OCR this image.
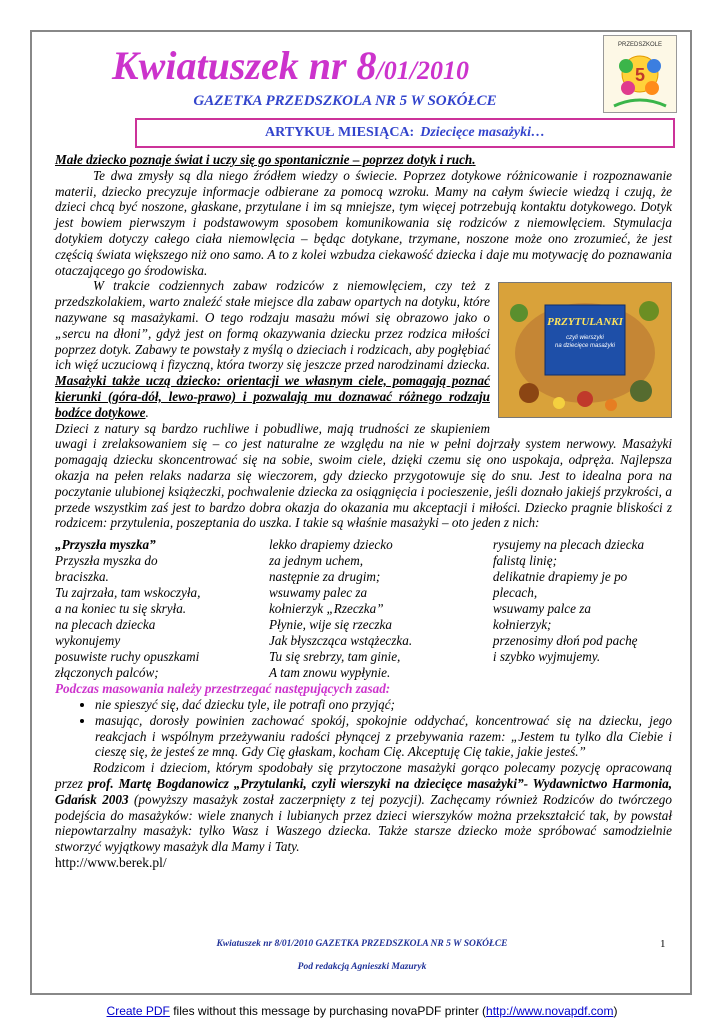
Kwiatuszek nr 8/01/2010
GAZETKA PRZEDSZKOLA NR 5 W SOKÓŁCE
PRZEDSZKOLE
5
ARTYKUŁ MIESIĄCA: Dziecięce masażyki…

Małe dziecko poznaje świat i uczy się go spontanicznie – poprzez dotyk i ruch.

Te dwa zmysły są dla niego źródłem wiedzy o świecie. Poprzez dotykowe różnicowanie i rozpoznawanie materii, dziecko precyzuje informacje odbierane za pomocą wzroku. Mamy na całym świecie wiedzą i czują, że dzieci chcą być noszone, głaskane, przytulane i im są mniejsze, tym więcej potrzebują kontaktu dotykowego. Dotyk jest bowiem pierwszym i podstawowym sposobem komunikowania się rodziców z niemowlęciem. Stymulacja dotykiem dotyczy całego ciała niemowlęcia – będąc dotykane, trzymane, noszone może ono zrozumieć, że jest częścią świata większego niż ono samo. A to z kolei wzbudza ciekawość dziecka i daje mu motywację do poznawania otaczającego go środowiska.

PRZYTULANKI
czyli wierszyki
na dziecięce masażyki

W trakcie codziennych zabaw rodziców z niemowlęciem, czy też z przedszkolakiem, warto znaleźć stałe miejsce dla zabaw opartych na dotyku, które nazywane są masażykami. O tego rodzaju masażu mówi się obrazowo jako o „sercu na dłoni”, gdyż jest on formą okazywania dziecku przez rodzica miłości poprzez dotyk. Zabawy te powstały z myślą o dzieciach i rodzicach, aby pogłębiać ich więź uczuciową i fizyczną, która tworzy się jeszcze przed narodzinami dziecka. Masażyki także uczą dziecko: orientacji we własnym ciele, pomagają poznać kierunki (góra-dół, lewo-prawo) i pozwalają mu doznawać różnego rodzaju bodźce dotykowe.

Dzieci z natury są bardzo ruchliwe i pobudliwe, mają trudności ze skupieniem uwagi i zrelaksowaniem się – co jest naturalne ze względu na nie w pełni dojrzały system nerwowy. Masażyki pomagają dziecku skoncentrować się na sobie, swoim ciele, dzięki czemu się ono uspokaja, odpręża. Najlepsza okazja na pełen relaks nadarza się wieczorem, gdy dziecko przygotowuje się do snu. Jest to idealna pora na poczytanie ulubionej książeczki, pochwalenie dziecka za osiągnięcia i pocieszenie, jeśli doznało jakiejś przykrości, a przede wszystkim zaś jest to bardzo dobra okazja do okazania mu akceptacji i miłości. Dziecko pragnie bliskości z rodzicem: przytulenia, poszeptania do uszka. I takie są właśnie masażyki – oto jeden z nich:

„Przyszła myszka”
Przyszła myszka do
braciszka.
Tu zajrzała, tam wskoczyła,
a na koniec tu się skryła.
na plecach dziecka
wykonujemy
posuwiste ruchy opuszkami
złączonych palców;
lekko drapiemy dziecko
za jednym uchem,
następnie za drugim;
wsuwamy palec za
kołnierzyk „Rzeczka”
Płynie, wije się rzeczka
Jak błyszcząca wstążeczka.
Tu się srebrzy, tam ginie,
A tam znowu wypłynie.
rysujemy na plecach dziecka
falistą linię;
delikatnie drapiemy je po
plecach,
wsuwamy palce za
kołnierzyk;
przenosimy dłoń pod pachę
i szybko wyjmujemy.

Podczas masowania należy przestrzegać następujących zasad:

• nie spieszyć się, dać dziecku tyle, ile potrafi ono przyjąć;
• masując, dorosły powinien zachować spokój, spokojnie oddychać, koncentrować się na dziecku, jego reakcjach i wspólnym przeżywaniu radości płynącej z przebywania razem: „Jestem tu tylko dla Ciebie i cieszę się, że jesteś ze mną. Gdy Cię głaskam, kocham Cię. Akceptuję Cię takie, jakie jesteś.”

Rodzicom i dzieciom, którym spodobały się przytoczone masażyki gorąco polecamy pozycję opracowaną przez prof. Martę Bogdanowicz „Przytulanki, czyli wierszyki na dziecięce masażyki”- Wydawnictwo Harmonia, Gdańsk 2003 (powyższy masażyk został zaczerpnięty z tej pozycji). Zachęcamy również Rodziców do twórczego podejścia do masażyków: wiele znanych i lubianych przez dzieci wierszyków można przekształcić tak, by powstał niepowtarzalny masażyk: tylko Wasz i Waszego dziecka. Także starsze dziecko może spróbować samodzielnie stworzyć wyjątkowy masażyk dla Mamy i Taty.

http://www.berek.pl/

Kwiatuszek nr 8/01/2010 GAZETKA PRZEDSZKOLA NR 5 W SOKÓŁCE
Pod redakcją Agnieszki Mazuryk
1
Create PDF files without this message by purchasing novaPDF printer (http://www.novapdf.com)
